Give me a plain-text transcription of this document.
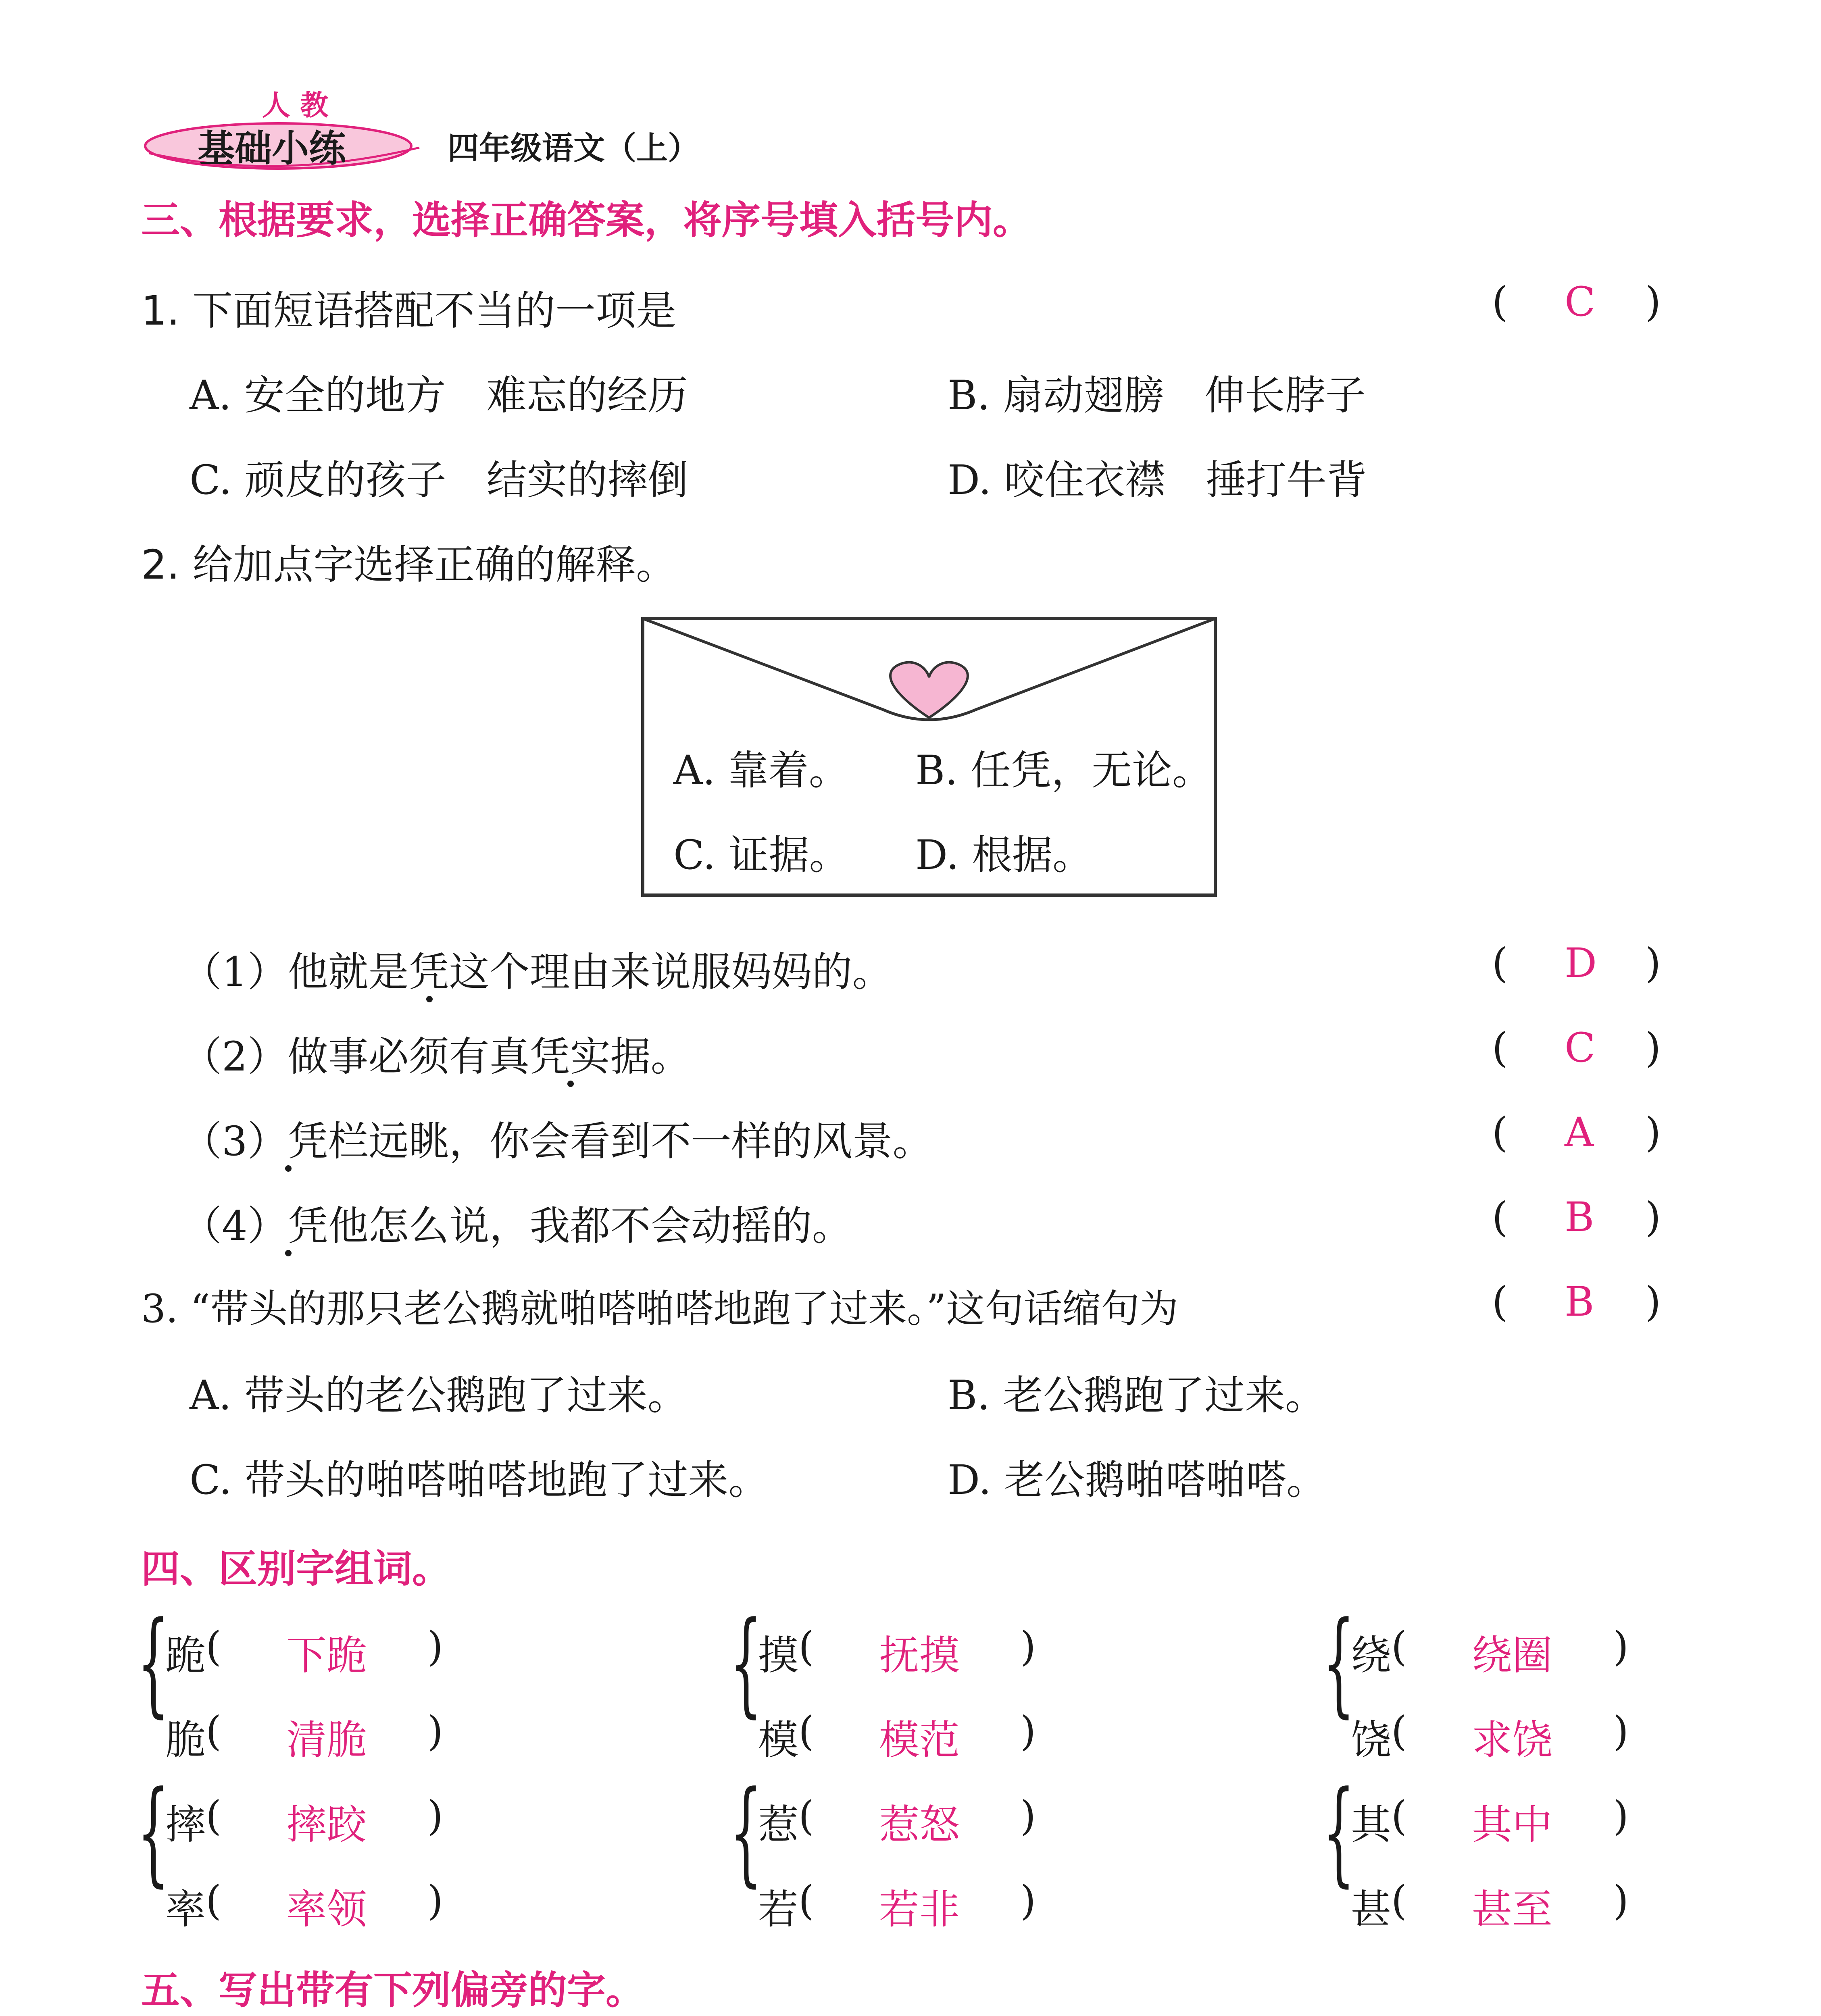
人 教
基础小练	四年级语文（上）
三、根据要求，选择正确答案，将序号填入括号内。
1. 下面短语搭配不当的一项是	( C )
A. 安全的地方　难忘的经历	B. 扇动翅膀　伸长脖子
C. 顽皮的孩子　结实的摔倒	D. 咬住衣襟　捶打牛背
2. 给加点字选择正确的解释。
A. 靠着。 B. 任凭，无论。
C. 证据。 D. 根据。
（1）他就是凭这个理由来说服妈妈的。	( D )
（2）做事必须有真凭实据。	( C )
（3）凭栏远眺，你会看到不一样的风景。	( A )
（4）凭他怎么说，我都不会动摇的。	( B )
3. “带头的那只老公鹅就啪嗒啪嗒地跑了过来。”这句话缩句为	( B )
A. 带头的老公鹅跑了过来。	B. 老公鹅跑了过来。
C. 带头的啪嗒啪嗒地跑了过来。	D. 老公鹅啪嗒啪嗒。
四、区别字组词。
{
跪 ( 下跪 )
脆 ( 清脆 )
{
摸 ( 抚摸 )
模 ( 模范 )
{
绕 ( 绕圈 )
饶 ( 求饶 )
{
摔 ( 摔跤 )
率 ( 率领 )
{
惹 ( 惹怒 )
若 ( 若非 )
{
其 ( 其中 )
甚 ( 甚至 )
五、写出带有下列偏旁的字。
